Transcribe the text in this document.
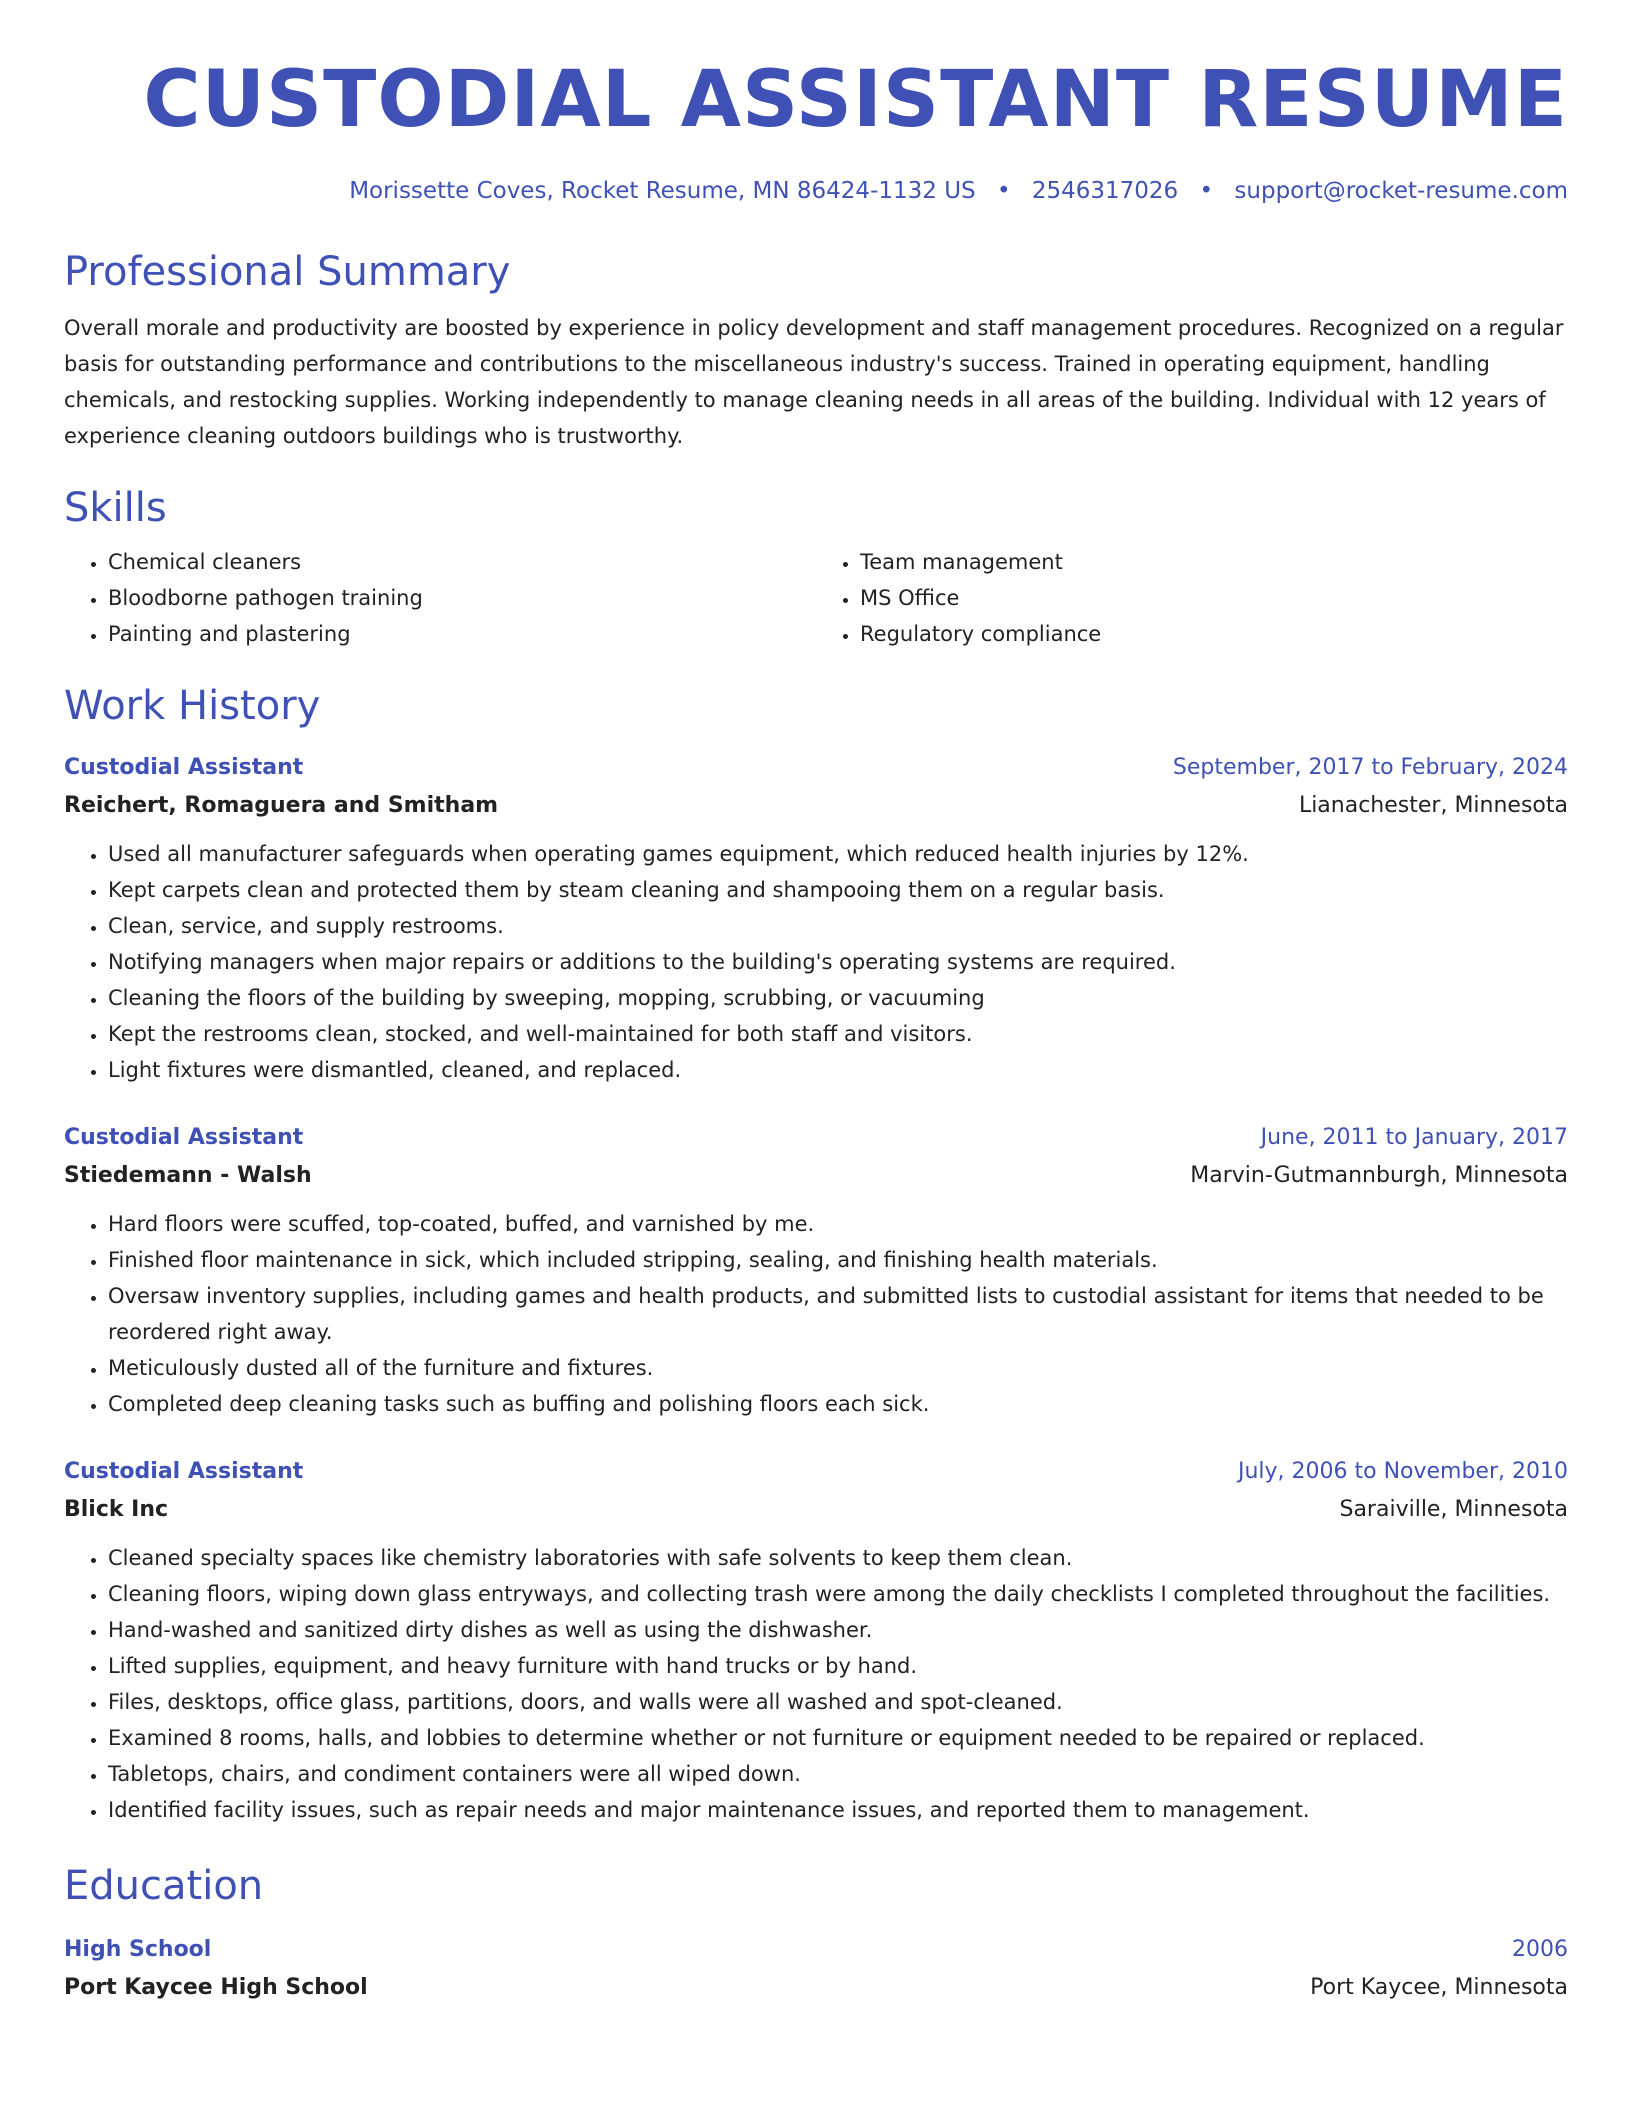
CUSTODIAL ASSISTANT RESUME
Morissette Coves, Rocket Resume, MN 86424-1132 US • 2546317026 • support@rocket-resume.com
Professional Summary
Overall morale and productivity are boosted by experience in policy development and staff management procedures. Recognized on a regular basis for outstanding performance and contributions to the miscellaneous industry's success. Trained in operating equipment, handling chemicals, and restocking supplies. Working independently to manage cleaning needs in all areas of the building. Individual with 12 years of experience cleaning outdoors buildings who is trustworthy.
Skills
• Chemical cleaners
• Bloodborne pathogen training
• Painting and plastering
• Team management
• MS Office
• Regulatory compliance
Work History
Custodial Assistant	September, 2017 to February, 2024
Reichert, Romaguera and Smitham	Lianachester, Minnesota
• Used all manufacturer safeguards when operating games equipment, which reduced health injuries by 12%.
• Kept carpets clean and protected them by steam cleaning and shampooing them on a regular basis.
• Clean, service, and supply restrooms.
• Notifying managers when major repairs or additions to the building's operating systems are required.
• Cleaning the floors of the building by sweeping, mopping, scrubbing, or vacuuming
• Kept the restrooms clean, stocked, and well-maintained for both staff and visitors.
• Light fixtures were dismantled, cleaned, and replaced.
Custodial Assistant	June, 2011 to January, 2017
Stiedemann - Walsh	Marvin-Gutmannburgh, Minnesota
• Hard floors were scuffed, top-coated, buffed, and varnished by me.
• Finished floor maintenance in sick, which included stripping, sealing, and finishing health materials.
• Oversaw inventory supplies, including games and health products, and submitted lists to custodial assistant for items that needed to be reordered right away.
• Meticulously dusted all of the furniture and fixtures.
• Completed deep cleaning tasks such as buffing and polishing floors each sick.
Custodial Assistant	July, 2006 to November, 2010
Blick Inc	Saraiville, Minnesota
• Cleaned specialty spaces like chemistry laboratories with safe solvents to keep them clean.
• Cleaning floors, wiping down glass entryways, and collecting trash were among the daily checklists I completed throughout the facilities.
• Hand-washed and sanitized dirty dishes as well as using the dishwasher.
• Lifted supplies, equipment, and heavy furniture with hand trucks or by hand.
• Files, desktops, office glass, partitions, doors, and walls were all washed and spot-cleaned.
• Examined 8 rooms, halls, and lobbies to determine whether or not furniture or equipment needed to be repaired or replaced.
• Tabletops, chairs, and condiment containers were all wiped down.
• Identified facility issues, such as repair needs and major maintenance issues, and reported them to management.
Education
High School	2006
Port Kaycee High School	Port Kaycee, Minnesota
